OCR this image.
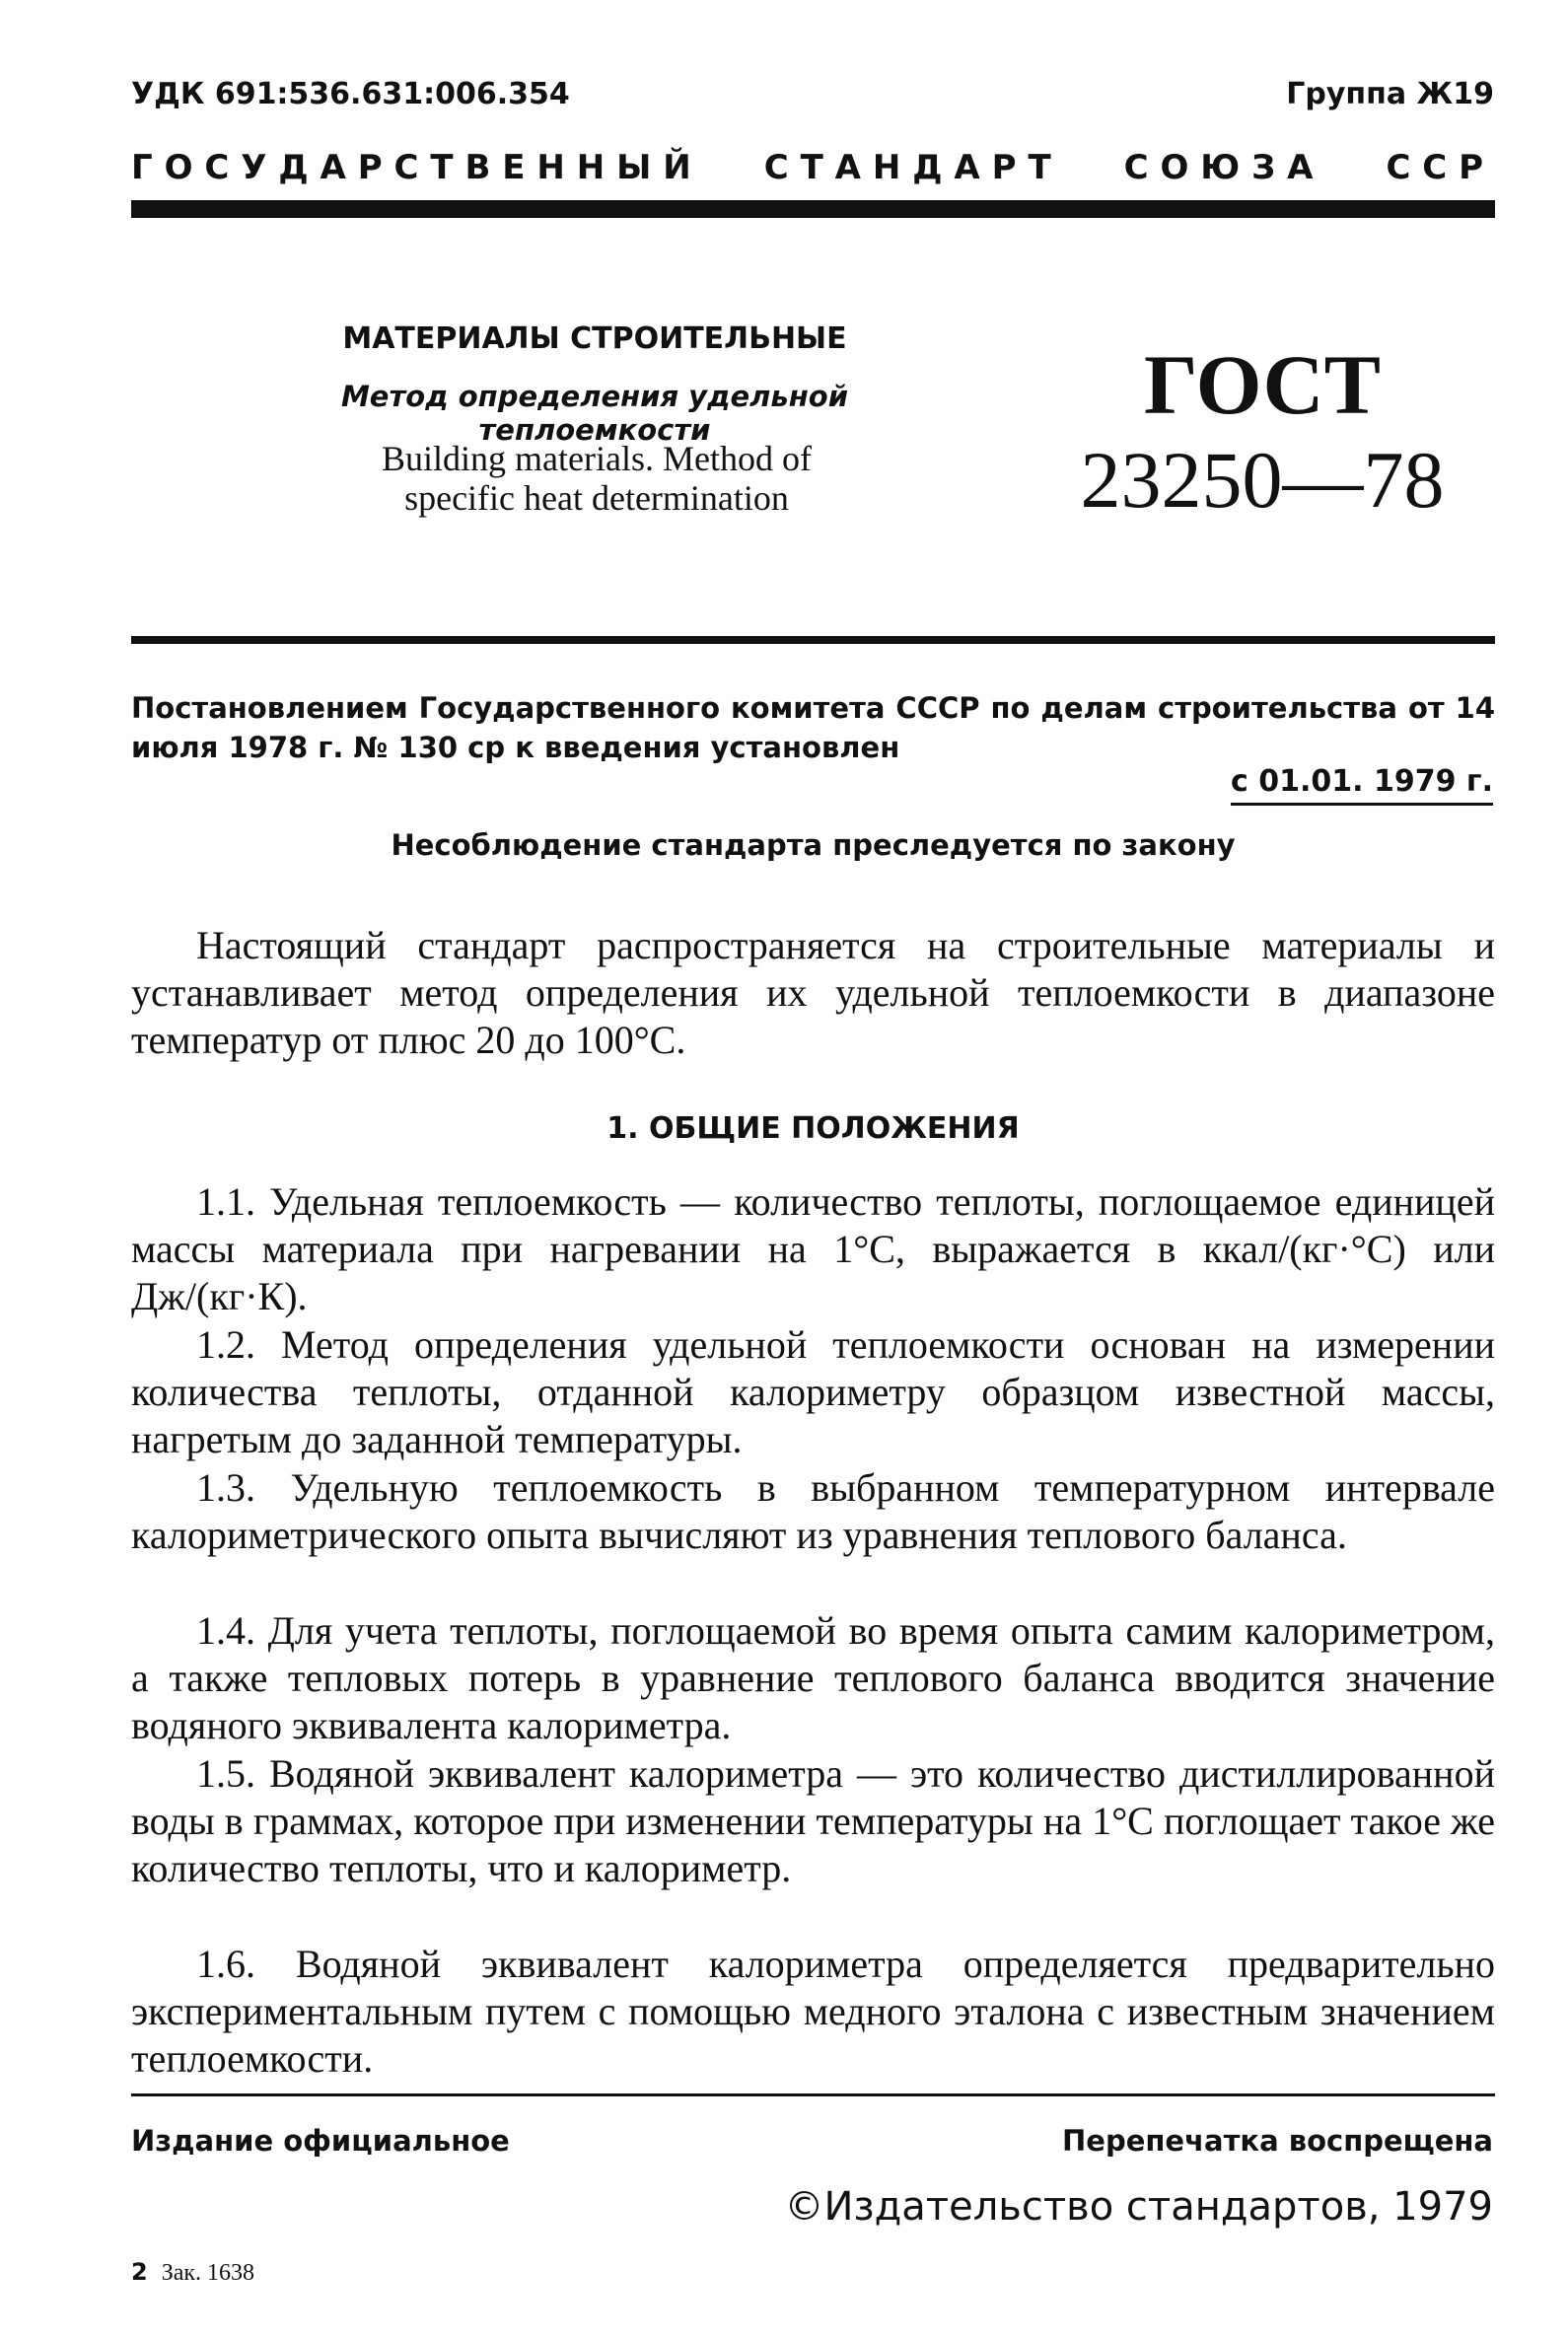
УДК 691:536.631:006.354	Группа Ж19
ГОСУДАРСТВЕННЫЙ СТАНДАРТ СОЮЗА ССР
МАТЕРИАЛЫ СТРОИТЕЛЬНЫЕ
Метод определения удельной теплоемкости
Building materials. Method of
specific heat determination
ГОСТ
23250—78
Постановлением Государственного комитета СССР по делам строительства от 14 июля 1978 г. № 130 ср к введения установлен
с 01.01. 1979 г.
Несоблюдение стандарта преследуется по закону

Настоящий стандарт распространяется на строительные материалы и устанавливает метод определения их удельной теплоемкости в диапазоне температур от плюс 20 до 100°С.

1. ОБЩИЕ ПОЛОЖЕНИЯ

1.1. Удельная теплоемкость — количество теплоты, поглощаемое единицей массы материала при нагревании на 1°С, выражается в ккал/(кг·°С) или Дж/(кг·К).

1.2. Метод определения удельной теплоемкости основан на измерении количества теплоты, отданной калориметру образцом известной массы, нагретым до заданной температуры.

1.3. Удельную теплоемкость в выбранном температурном интервале калориметрического опыта вычисляют из уравнения теплового баланса.

1.4. Для учета теплоты, поглощаемой во время опыта самим калориметром, а также тепловых потерь в уравнение теплового баланса вводится значение водяного эквивалента калориметра.

1.5. Водяной эквивалент калориметра — это количество дистиллированной воды в граммах, которое при изменении температуры на 1°С поглощает такое же количество теплоты, что и калориметр.

1.6. Водяной эквивалент калориметра определяется предварительно экспериментальным путем с помощью медного эталона с известным значением теплоемкости.

Издание официальное	Перепечатка воспрещена
©Издательство стандартов, 1979
2 Зак. 1638
